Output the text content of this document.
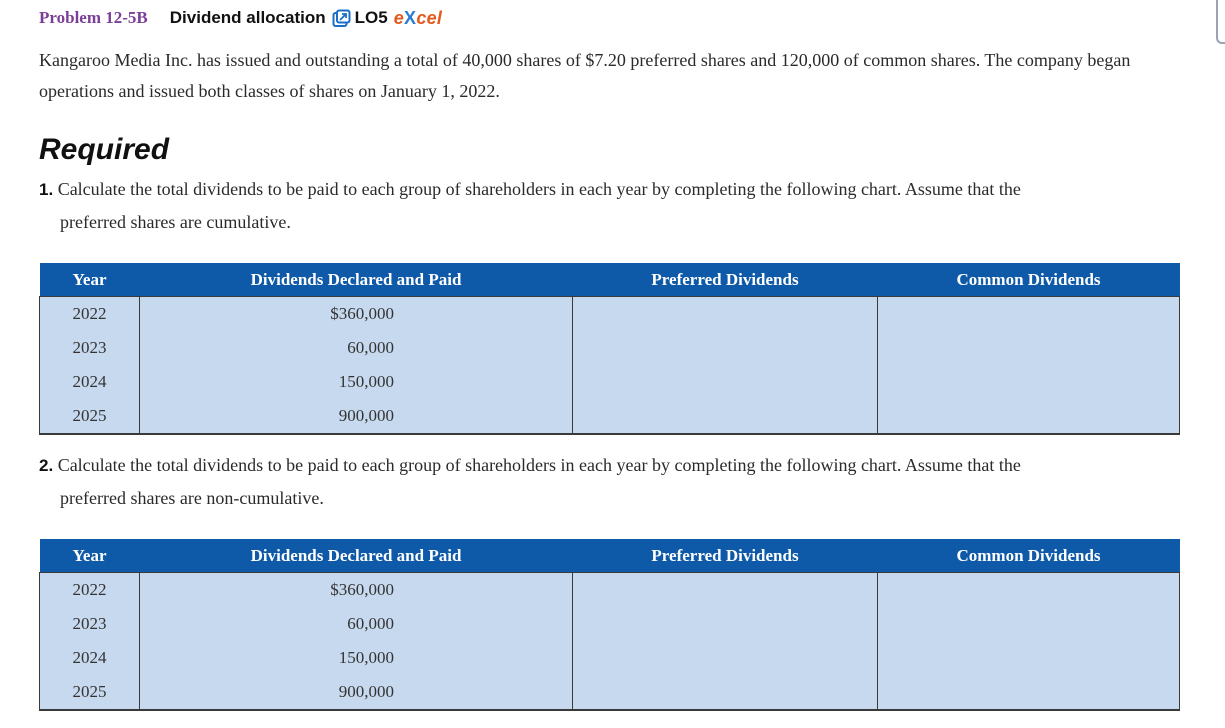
Problem 12-5B Dividend allocation LO5 eXcel
Kangaroo Media Inc. has issued and outstanding a total of 40,000 shares of $7.20 preferred shares and 120,000 of common shares. The company began operations and issued both classes of shares on January 1, 2022.
Required
1. Calculate the total dividends to be paid to each group of shareholders in each year by completing the following chart. Assume that the
preferred shares are cumulative.
Year	Dividends Declared and Paid	Preferred Dividends	Common Dividends
2022	$360,000		
2023	60,000		
2024	150,000		
2025	900,000		
2. Calculate the total dividends to be paid to each group of shareholders in each year by completing the following chart. Assume that the
preferred shares are non-cumulative.
Year	Dividends Declared and Paid	Preferred Dividends	Common Dividends
2022	$360,000		
2023	60,000		
2024	150,000		
2025	900,000		
